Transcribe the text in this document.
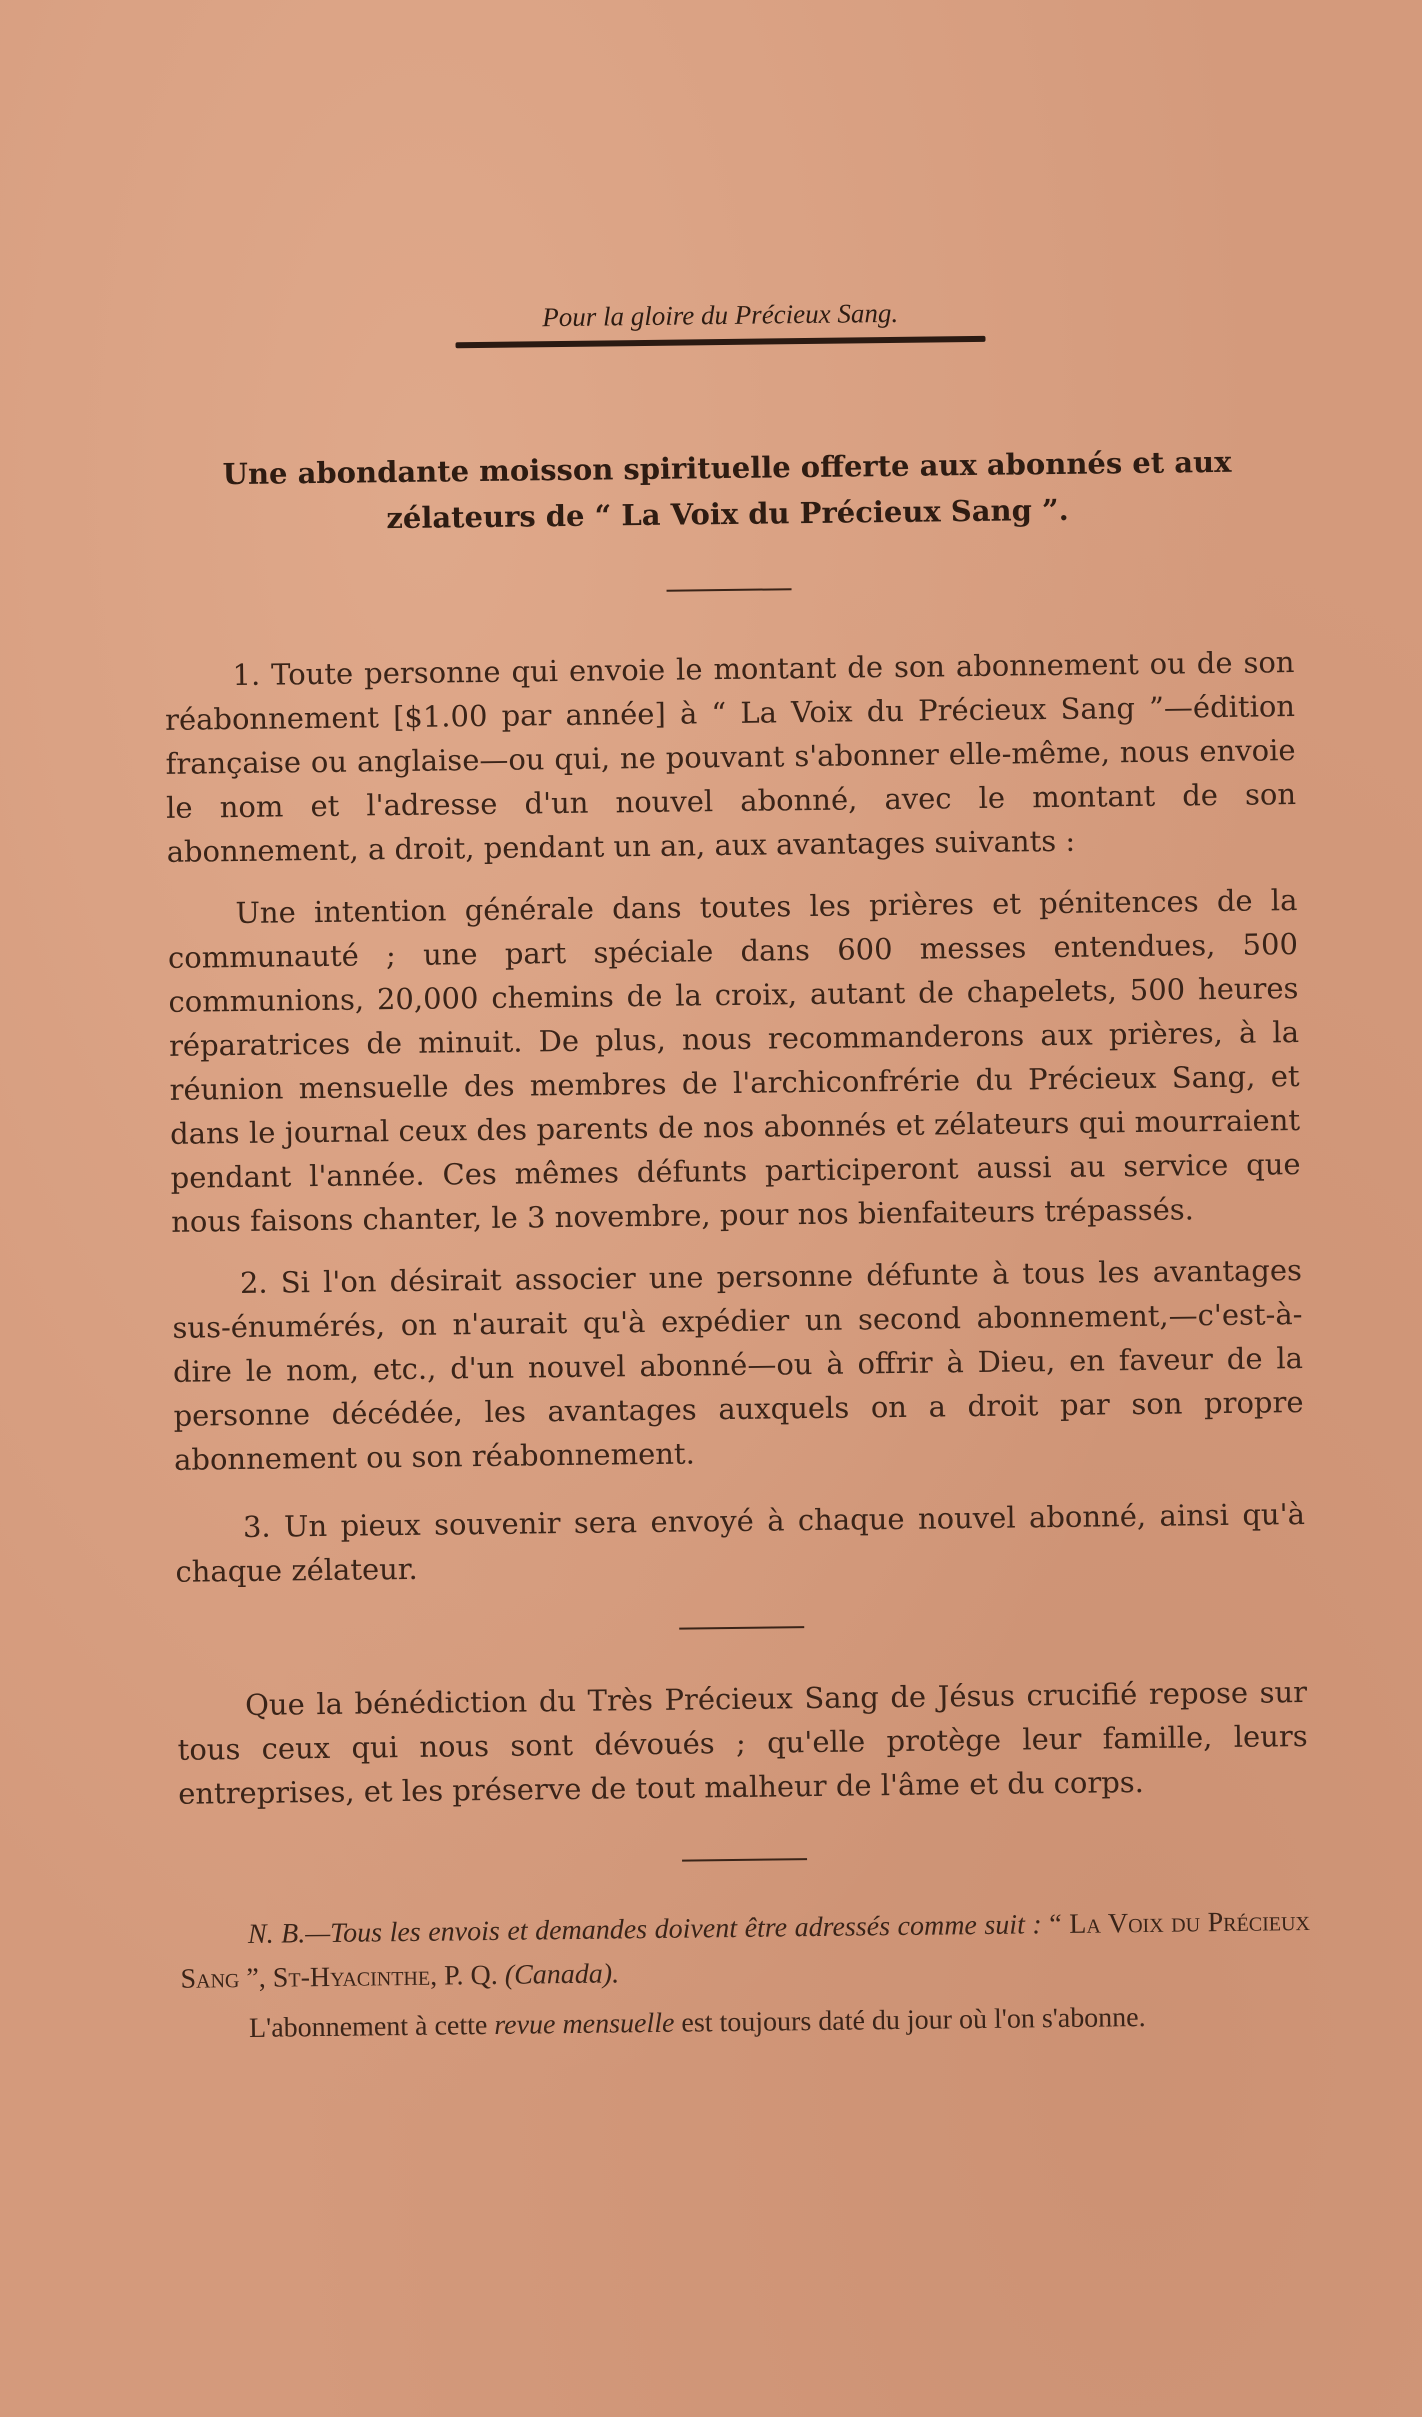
Pour la gloire du Précieux Sang.
Une abondante moisson spirituelle offerte aux abonnés et aux
zélateurs de “ La Voix du Précieux Sang ”.

1. Toute personne qui envoie le montant de son abonnement ou de son réabonnement [$1.00 par année] à “ La Voix du Précieux Sang ”—édition française ou anglaise—ou qui, ne pouvant s'abonner elle-même, nous envoie le nom et l'adresse d'un nouvel abonné, avec le montant de son abonnement, a droit, pendant un an, aux avantages suivants :

Une intention générale dans toutes les prières et pénitences de la communauté ; une part spéciale dans 600 messes entendues, 500 communions, 20,000 chemins de la croix, autant de chapelets, 500 heures réparatrices de minuit. De plus, nous recommanderons aux prières, à la réunion mensuelle des membres de l'archiconfrérie du Précieux Sang, et dans le journal ceux des parents de nos abonnés et zélateurs qui mourraient pendant l'année. Ces mêmes défunts participeront aussi au service que nous faisons chanter, le 3 novembre, pour nos bienfaiteurs trépassés.

2. Si l'on désirait associer une personne défunte à tous les avantages sus-énumérés, on n'aurait qu'à expédier un second abonnement,—c'est-à-dire le nom, etc., d'un nouvel abonné—ou à offrir à Dieu, en faveur de la personne décédée, les avantages auxquels on a droit par son propre abonnement ou son réabonnement.

3. Un pieux souvenir sera envoyé à chaque nouvel abonné, ainsi qu'à chaque zélateur.

Que la bénédiction du Très Précieux Sang de Jésus crucifié repose sur tous ceux qui nous sont dévoués ; qu'elle protège leur famille, leurs entreprises, et les préserve de tout malheur de l'âme et du corps.

N. B.—Tous les envois et demandes doivent être adressés comme suit : “ La Voix du Précieux Sang ”, St-Hyacinthe, P. Q. (Canada).
L'abonnement à cette revue mensuelle est toujours daté du jour où l'on s'abonne.
